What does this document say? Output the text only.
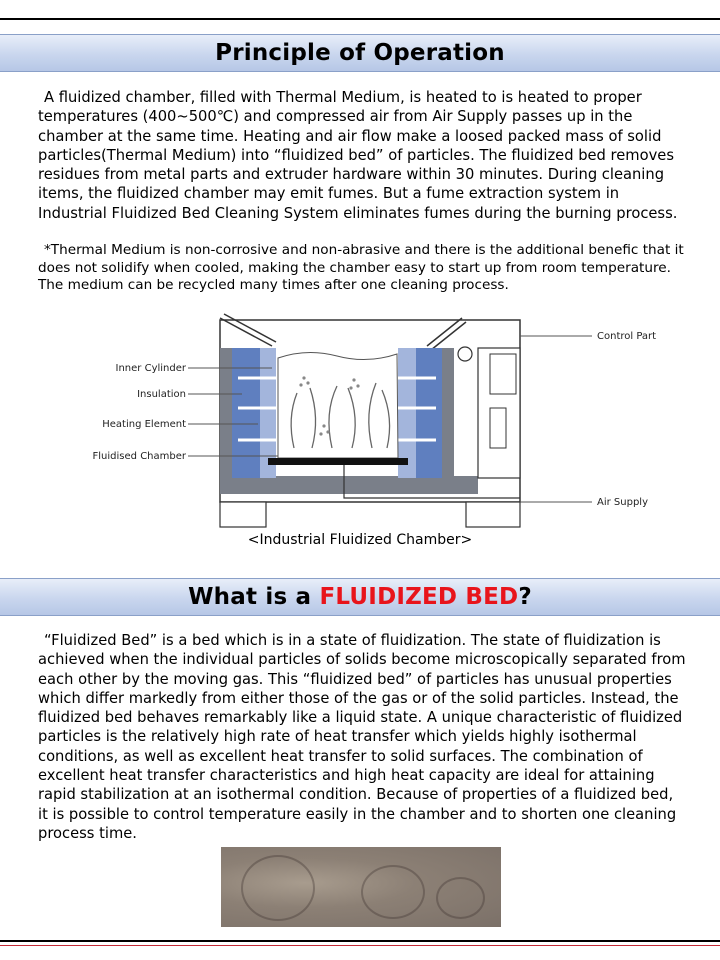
Principle of Operation
A fluidized chamber, filled with Thermal Medium, is heated to is heated to proper temperatures (400~500℃) and compressed air from Air Supply passes up in the chamber at the same time. Heating and air flow make a loosed packed mass of solid particles(Thermal Medium) into “fluidized bed” of particles. The fluidized bed removes residues from metal parts and extruder hardware within 30 minutes. During cleaning items, the fluidized chamber may emit fumes. But a fume extraction system in Industrial Fluidized Bed Cleaning System eliminates fumes during the burning process.
*Thermal Medium is non-corrosive and non-abrasive and there is the additional benefic that it does not solidify when cooled, making the chamber easy to start up from room temperature. The medium can be recycled many times after one cleaning process.
Inner Cylinder
Insulation
Heating Element
Fluidised Chamber
Control Part
Air Supply
<Industrial Fluidized Chamber>
What is a FLUIDIZED BED ?
“Fluidized Bed” is a bed which is in a state of fluidization. The state of fluidization is achieved when the individual particles of solids become microscopically separated from each other by the moving gas. This “fluidized bed” of particles has unusual properties which differ markedly from either those of the gas or of the solid particles. Instead, the fluidized bed behaves remarkably like a liquid state. A unique characteristic of fluidized particles is the relatively high rate of heat transfer which yields highly isothermal conditions, as well as excellent heat transfer to solid surfaces. The combination of excellent heat transfer characteristics and high heat capacity are ideal for attaining rapid stabilization at an isothermal condition. Because of properties of a fluidized bed, it is possible to control temperature easily in the chamber and to shorten one cleaning process time.
